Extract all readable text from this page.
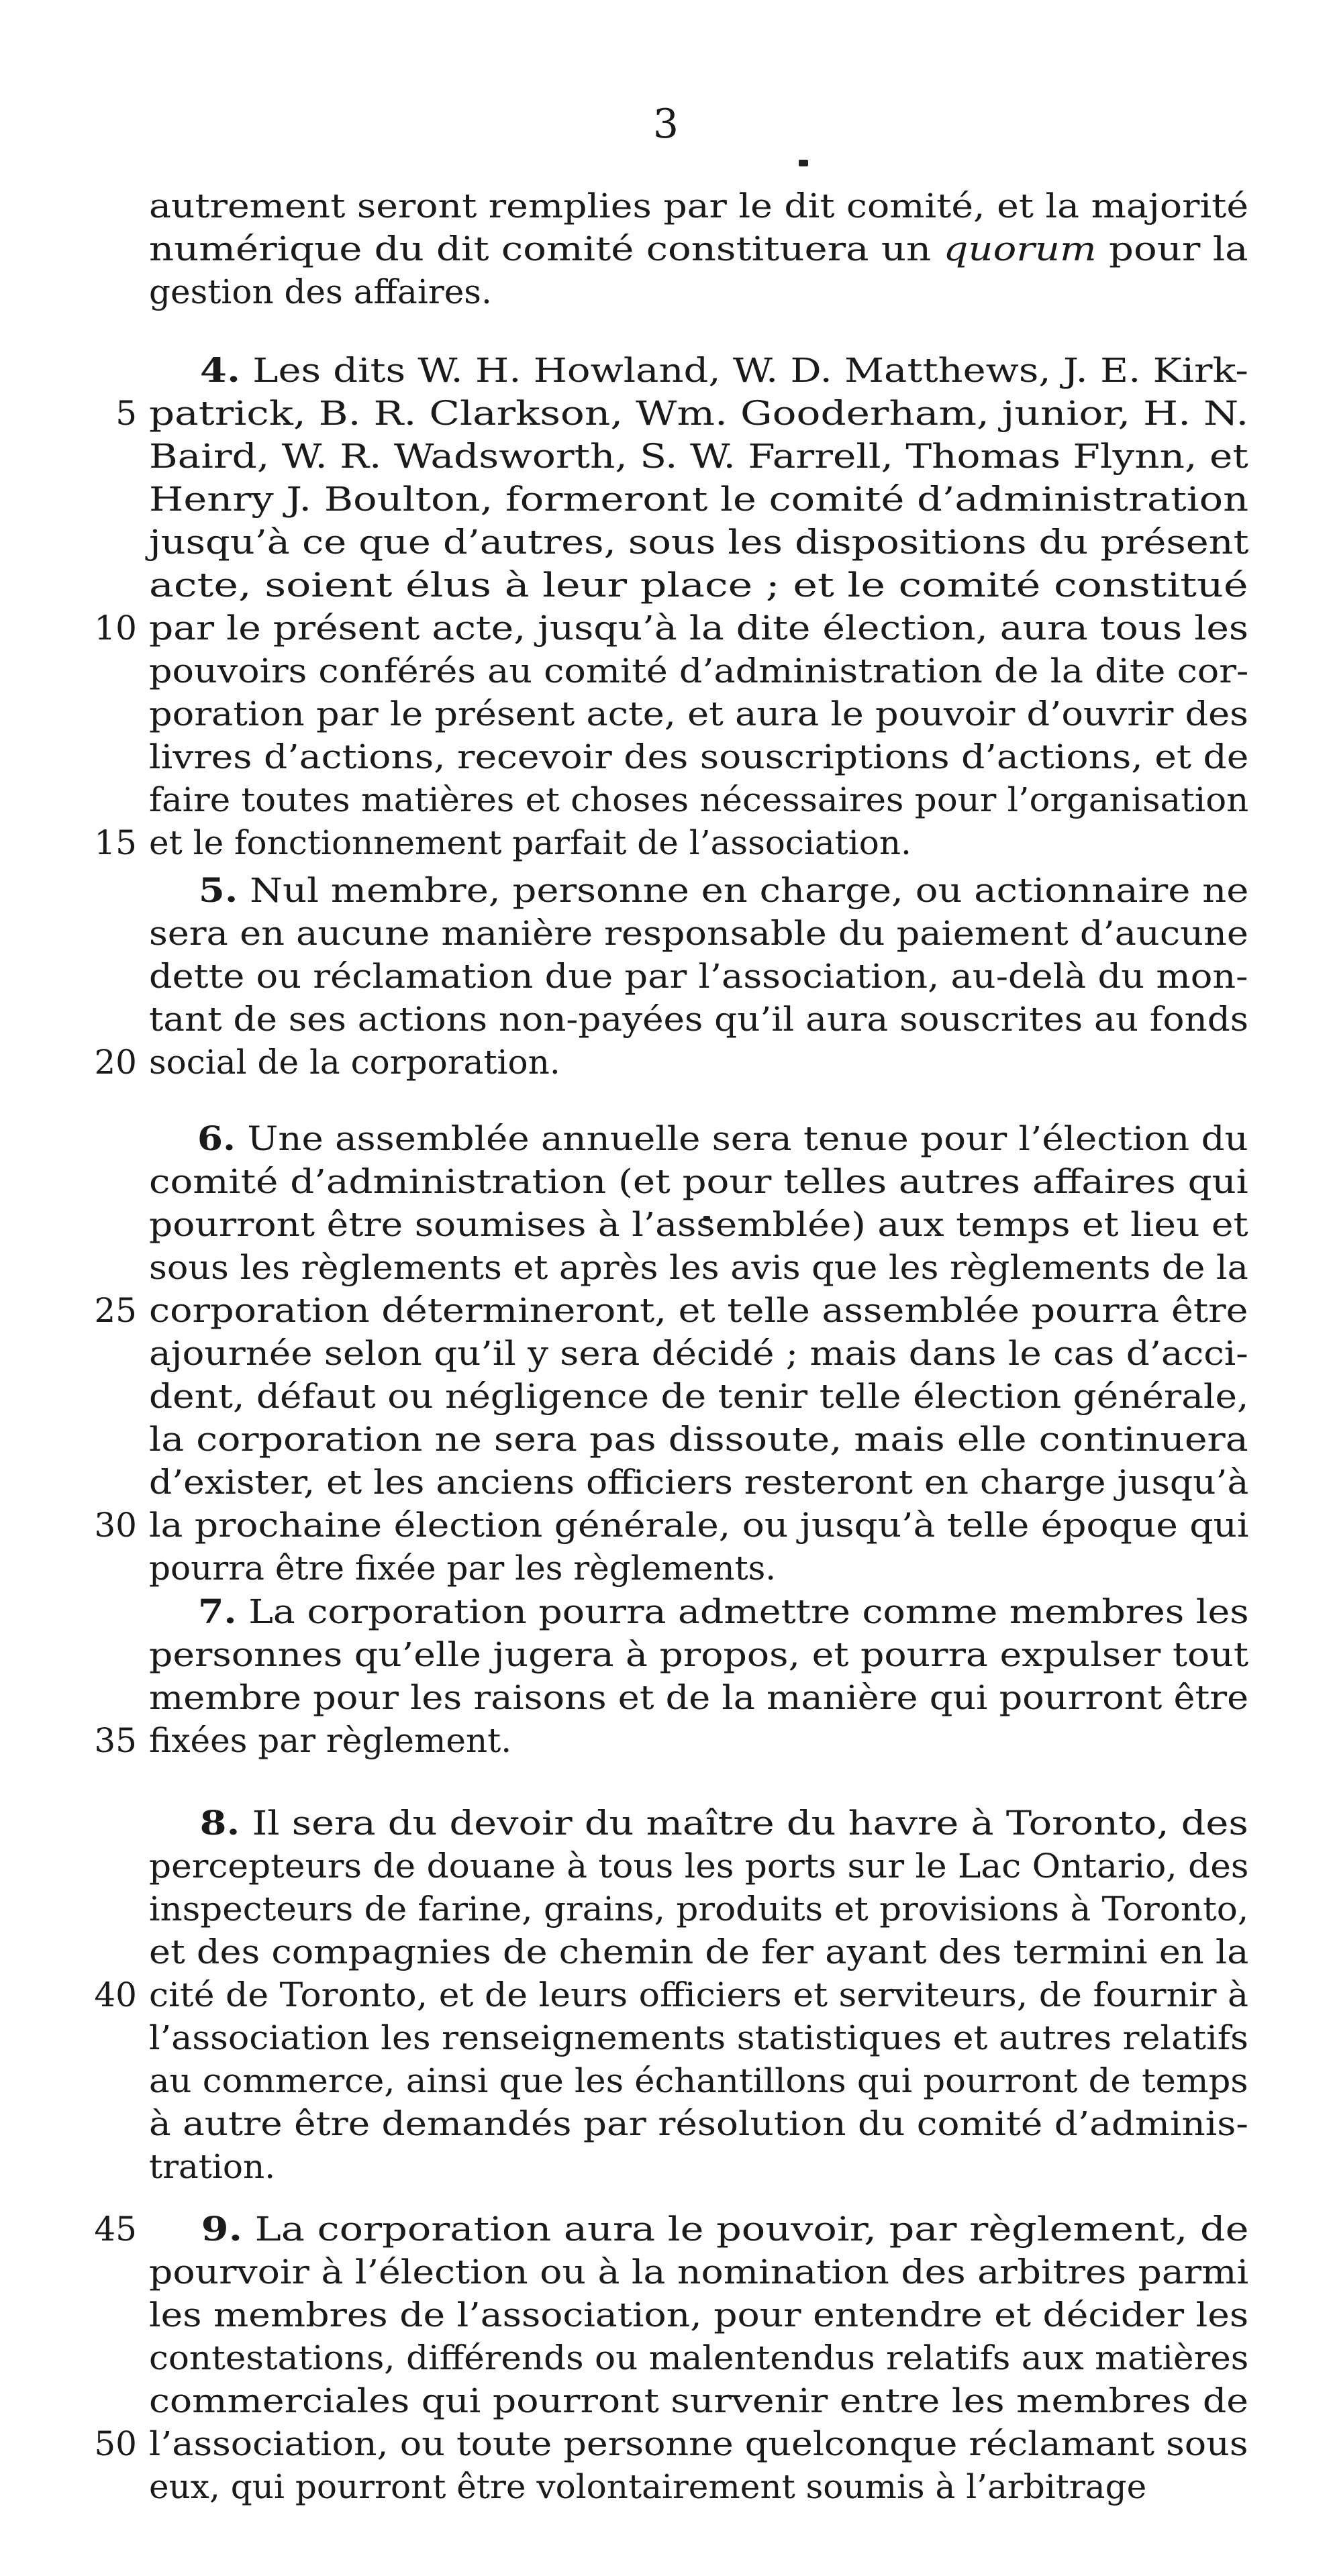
3
autrement seront remplies par le dit comité, et la majorité
numérique du dit comité constituera un quorum pour la
gestion des affaires.
4. Les dits W. H. Howland, W. D. Matthews, J. E. Kirk-
patrick, B. R. Clarkson, Wm. Gooderham, junior, H. N.
Baird, W. R. Wadsworth, S. W. Farrell, Thomas Flynn, et
Henry J. Boulton, formeront le comité d’administration
jusqu’à ce que d’autres, sous les dispositions du présent
acte, soient élus à leur place ; et le comité constitué
par le présent acte, jusqu’à la dite élection, aura tous les
pouvoirs conférés au comité d’administration de la dite cor-
poration par le présent acte, et aura le pouvoir d’ouvrir des
livres d’actions, recevoir des souscriptions d’actions, et de
faire toutes matières et choses nécessaires pour l’organisation
et le fonctionnement parfait de l’association.
5. Nul membre, personne en charge, ou actionnaire ne
sera en aucune manière responsable du paiement d’aucune
dette ou réclamation due par l’association, au-delà du mon-
tant de ses actions non-payées qu’il aura souscrites au fonds
social de la corporation.
6. Une assemblée annuelle sera tenue pour l’élection du
comité d’administration (et pour telles autres affaires qui
pourront être soumises à l’assemblée) aux temps et lieu et
sous les règlements et après les avis que les règlements de la
corporation détermineront, et telle assemblée pourra être
ajournée selon qu’il y sera décidé ; mais dans le cas d’acci-
dent, défaut ou négligence de tenir telle élection générale,
la corporation ne sera pas dissoute, mais elle continuera
d’exister, et les anciens officiers resteront en charge jusqu’à
la prochaine élection générale, ou jusqu’à telle époque qui
pourra être fixée par les règlements.
7. La corporation pourra admettre comme membres les
personnes qu’elle jugera à propos, et pourra expulser tout
membre pour les raisons et de la manière qui pourront être
fixées par règlement.
8. Il sera du devoir du maître du havre à Toronto, des
percepteurs de douane à tous les ports sur le Lac Ontario, des
inspecteurs de farine, grains, produits et provisions à Toronto,
et des compagnies de chemin de fer ayant des termini en la
cité de Toronto, et de leurs officiers et serviteurs, de fournir à
l’association les renseignements statistiques et autres relatifs
au commerce, ainsi que les échantillons qui pourront de temps
à autre être demandés par résolution du comité d’adminis-
tration.
9. La corporation aura le pouvoir, par règlement, de
pourvoir à l’élection ou à la nomination des arbitres parmi
les membres de l’association, pour entendre et décider les
contestations, différends ou malentendus relatifs aux matières
commerciales qui pourront survenir entre les membres de
l’association, ou toute personne quelconque réclamant sous
eux, qui pourront être volontairement soumis à l’arbitrage
5
10
15
20
25
30
35
40
45
50
